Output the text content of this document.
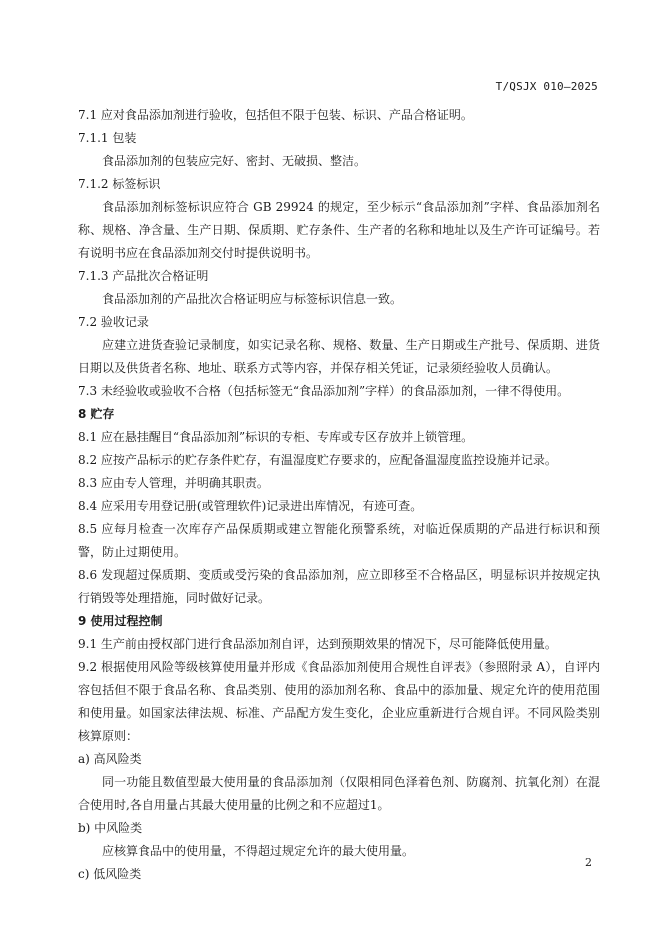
T/QSJX 010—2025
7.1 应对食品添加剂进行验收，包括但不限于包装、标识、产品合格证明。
7.1.1 包装
食品添加剂的包装应完好、密封、无破损、整洁。
7.1.2 标签标识
食品添加剂标签标识应符合 GB 29924 的规定，至少标示“食品添加剂”字样、食品添加剂名称、规格、净含量、生产日期、保质期、贮存条件、生产者的名称和地址以及生产许可证编号。若有说明书应在食品添加剂交付时提供说明书。
7.1.3 产品批次合格证明
食品添加剂的产品批次合格证明应与标签标识信息一致。
7.2 验收记录
应建立进货查验记录制度，如实记录名称、规格、数量、生产日期或生产批号、保质期、进货日期以及供货者名称、地址、联系方式等内容，并保存相关凭证，记录须经验收人员确认。
7.3 未经验收或验收不合格（包括标签无“食品添加剂”字样）的食品添加剂，一律不得使用。
8 贮存
8.1 应在悬挂醒目“食品添加剂”标识的专柜、专库或专区存放并上锁管理。
8.2 应按产品标示的贮存条件贮存，有温湿度贮存要求的，应配备温湿度监控设施并记录。
8.3 应由专人管理，并明确其职责。
8.4 应采用专用登记册(或管理软件)记录进出库情况，有迹可查。
8.5 应每月检查一次库存产品保质期或建立智能化预警系统，对临近保质期的产品进行标识和预警，防止过期使用。
8.6 发现超过保质期、变质或受污染的食品添加剂，应立即移至不合格品区，明显标识并按规定执行销毁等处理措施，同时做好记录。
9 使用过程控制
9.1 生产前由授权部门进行食品添加剂自评，达到预期效果的情况下，尽可能降低使用量。
9.2 根据使用风险等级核算使用量并形成《食品添加剂使用合规性自评表》（参照附录 A），自评内容包括但不限于食品名称、食品类别、使用的添加剂名称、食品中的添加量、规定允许的使用范围和使用量。如国家法律法规、标准、产品配方发生变化，企业应重新进行合规自评。不同风险类别核算原则：
a) 高风险类
同一功能且数值型最大使用量的食品添加剂（仅限相同色泽着色剂、防腐剂、抗氧化剂）在混合使用时,各自用量占其最大使用量的比例之和不应超过1。
b) 中风险类
应核算食品中的使用量，不得超过规定允许的最大使用量。
c) 低风险类
2
